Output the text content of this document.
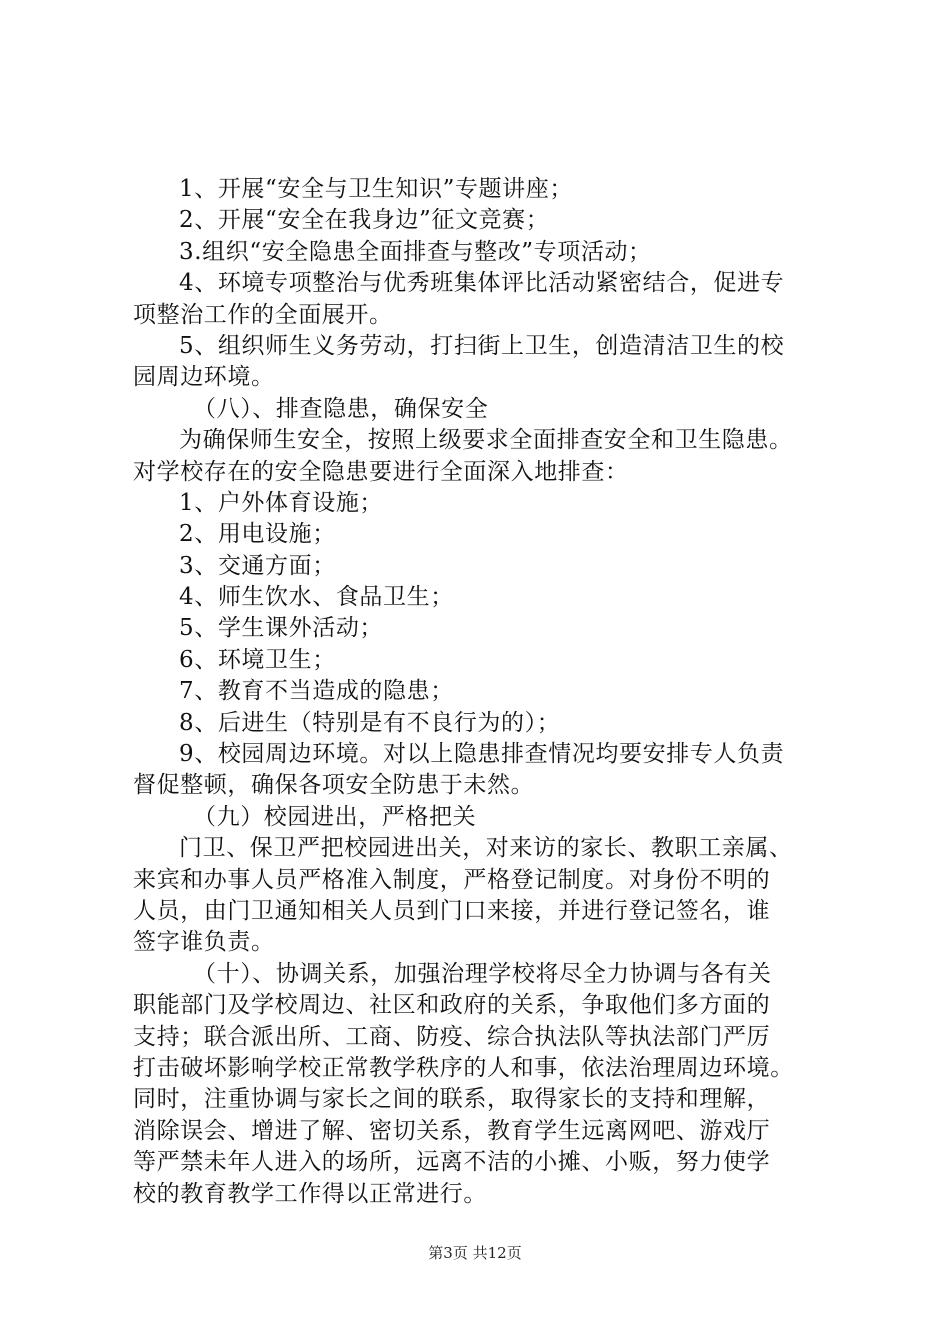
1、开展“安全与卫生知识”专题讲座；
2、开展“安全在我身边”征文竞赛；
3.组织“安全隐患全面排查与整改”专项活动；
4、环境专项整治与优秀班集体评比活动紧密结合，促进专
项整治工作的全面展开。
5、组织师生义务劳动，打扫街上卫生，创造清洁卫生的校
园周边环境。
（八）、排查隐患，确保安全
为确保师生安全，按照上级要求全面排查安全和卫生隐患。
对学校存在的安全隐患要进行全面深入地排查：
1、户外体育设施；
2、用电设施；
3、交通方面；
4、师生饮水、食品卫生；
5、学生课外活动；
6、环境卫生；
7、教育不当造成的隐患；
8、后进生（特别是有不良行为的）；
9、校园周边环境。对以上隐患排查情况均要安排专人负责
督促整顿，确保各项安全防患于未然。
（九）校园进出，严格把关
门卫、保卫严把校园进出关，对来访的家长、教职工亲属、
来宾和办事人员严格准入制度，严格登记制度。对身份不明的
人员，由门卫通知相关人员到门口来接，并进行登记签名，谁
签字谁负责。
（十）、协调关系，加强治理学校将尽全力协调与各有关
职能部门及学校周边、社区和政府的关系，争取他们多方面的
支持；联合派出所、工商、防疫、综合执法队等执法部门严厉
打击破坏影响学校正常教学秩序的人和事，依法治理周边环境。
同时，注重协调与家长之间的联系，取得家长的支持和理解，
消除误会、增进了解、密切关系，教育学生远离网吧、游戏厅
等严禁未年人进入的场所，远离不洁的小摊、小贩，努力使学
校的教育教学工作得以正常进行。
第3页 共12页
